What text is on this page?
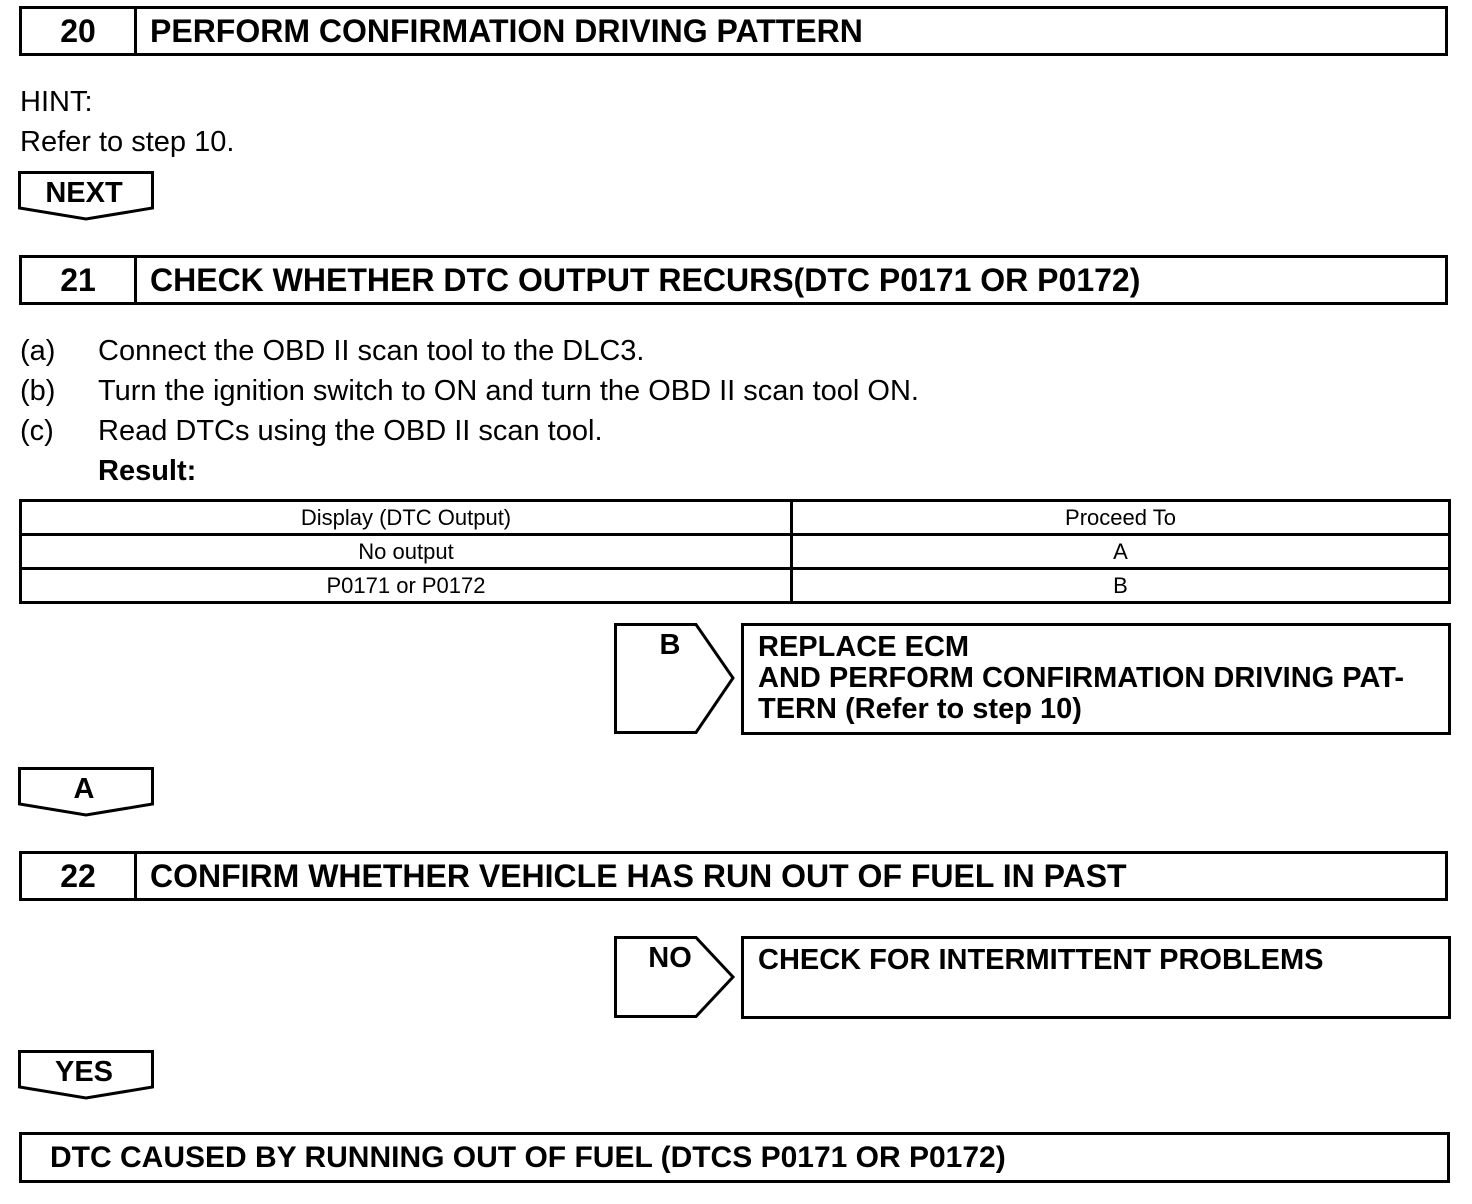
20	PERFORM CONFIRMATION DRIVING PATTERN
HINT:
Refer to step 10.
NEXT
21	CHECK WHETHER DTC OUTPUT RECURS(DTC P0171 OR P0172)
(a) Connect the OBD II scan tool to the DLC3.
(b) Turn the ignition switch to ON and turn the OBD II scan tool ON.
(c) Read DTCs using the OBD II scan tool.
Result:
Display (DTC Output)	Proceed To
No output	A
P0171 or P0172	B
B	REPLACE ECM
AND PERFORM CONFIRMATION DRIVING PAT-
TERN (Refer to step 10)
A
22	CONFIRM WHETHER VEHICLE HAS RUN OUT OF FUEL IN PAST
NO	CHECK FOR INTERMITTENT PROBLEMS
YES
DTC CAUSED BY RUNNING OUT OF FUEL (DTCS P0171 OR P0172)
